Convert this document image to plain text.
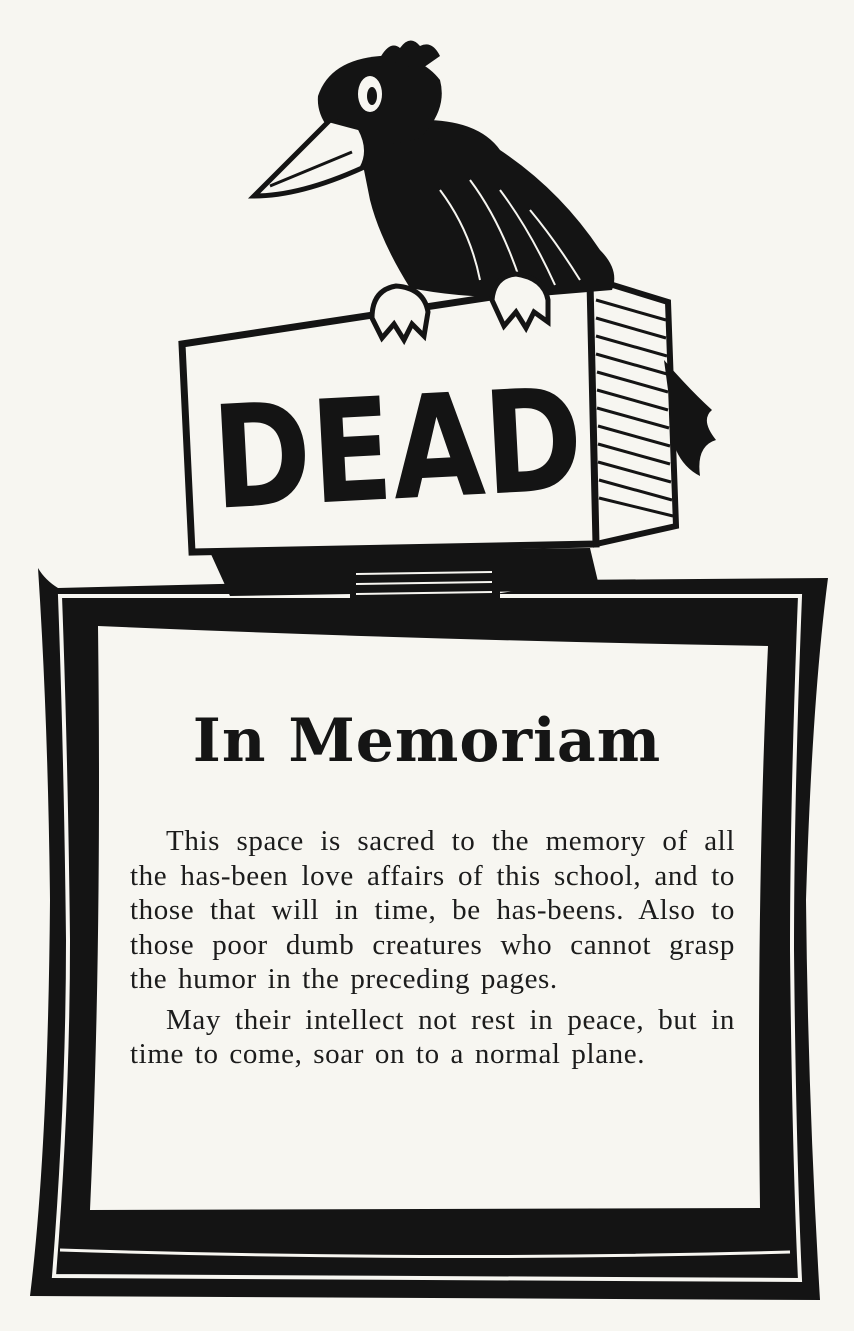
DEAD
In Memoriam

This space is sacred to the memory of all the has-been love affairs of this school, and to those that will in time, be has-beens. Also to those poor dumb creatures who cannot grasp the humor in the preceding pages.

May their intellect not rest in peace, but in time to come, soar on to a normal plane.
